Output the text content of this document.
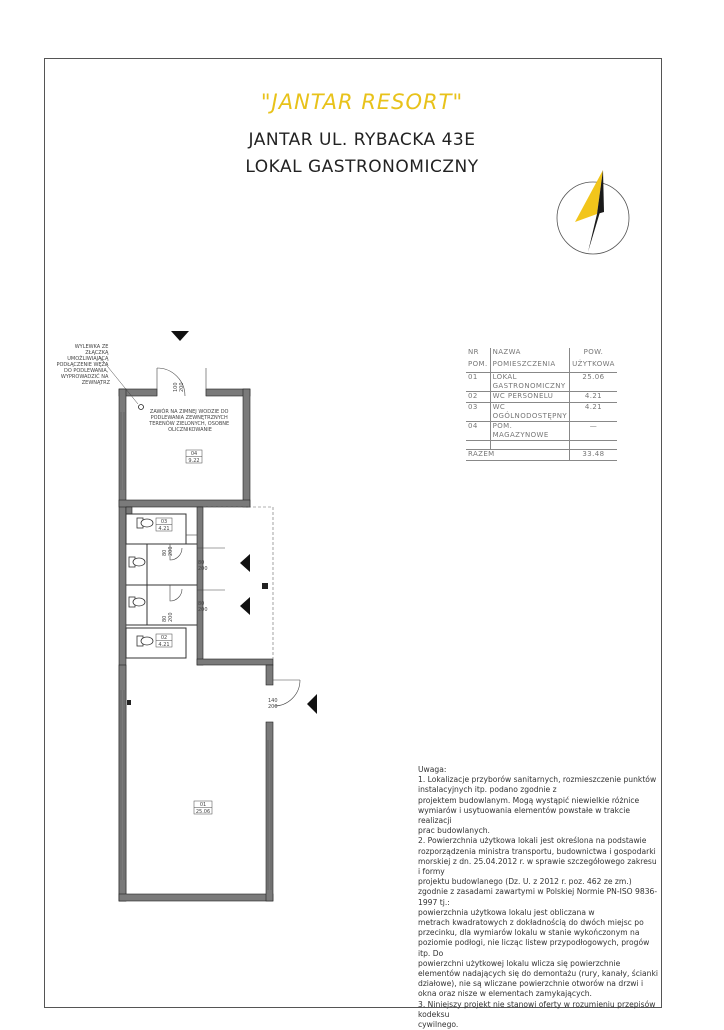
"JANTAR RESORT"
JANTAR UL. RYBACKA 43E
LOKAL GASTRONOMICZNY
WYLEWKA ZE ZŁĄCZKĄ UMOŻLIWIAJĄCĄ PODŁĄCZENIE WĘŻA DO PODLEWANIA, WYPROWADZIĆ NA ZEWNĄTRZ
ZAWÓR NA ZIMNEJ WODZIE DO PODLEWANIA ZEWNĘTRZNYCH TERENÓW ZIELONYCH, OSOBNE OLICZNIKOWANIE
04
9.22
03
4.21
02
4.21
01
25.06
100 200
80 200
80
200
80
200
80 200
140
200
NR	NAZWA	POW.
POM.	POMIESZCZENIA	UŻYTKOWA
01	LOKAL GASTRONOMICZNY	25.06
02	WC PERSONELU	4.21
03	WC OGÓLNODOSTĘPNY	4.21
04	POM. MAGAZYNOWE	—

RAZEM		33.48

Uwaga:

1. Lokalizacje przyborów sanitarnych, rozmieszczenie punktów
instalacyjnych itp. podano zgodnie z
projektem budowlanym. Mogą wystąpić niewielkie różnice
wymiarów i usytuowania elementów powstałe w trakcie realizacji
prac budowlanych.

2. Powierzchnia użytkowa lokali jest określona na podstawie
rozporządzenia ministra transportu, budownictwa i gospodarki
morskiej z dn. 25.04.2012 r. w sprawie szczegółowego zakresu i formy
projektu budowlanego (Dz. U. z 2012 r. poz. 462 ze zm.)
zgodnie z zasadami zawartymi w Polskiej Normie PN-ISO 9836-1997 tj.:
powierzchnia użytkowa lokalu jest obliczana w
metrach kwadratowych z dokładnością do dwóch miejsc po
przecinku, dla wymiarów lokalu w stanie wykończonym na
poziomie podłogi, nie licząc listew przypodłogowych, progów itp. Do
powierzchni użytkowej lokalu wlicza się powierzchnie
elementów nadających się do demontażu (rury, kanały, ścianki
działowe), nie są wliczane powierzchnie otworów na drzwi i
okna oraz nisze w elementach zamykających.

3. Niniejszy projekt nie stanowi oferty w rozumieniu przepisów kodeksu
cywilnego.
